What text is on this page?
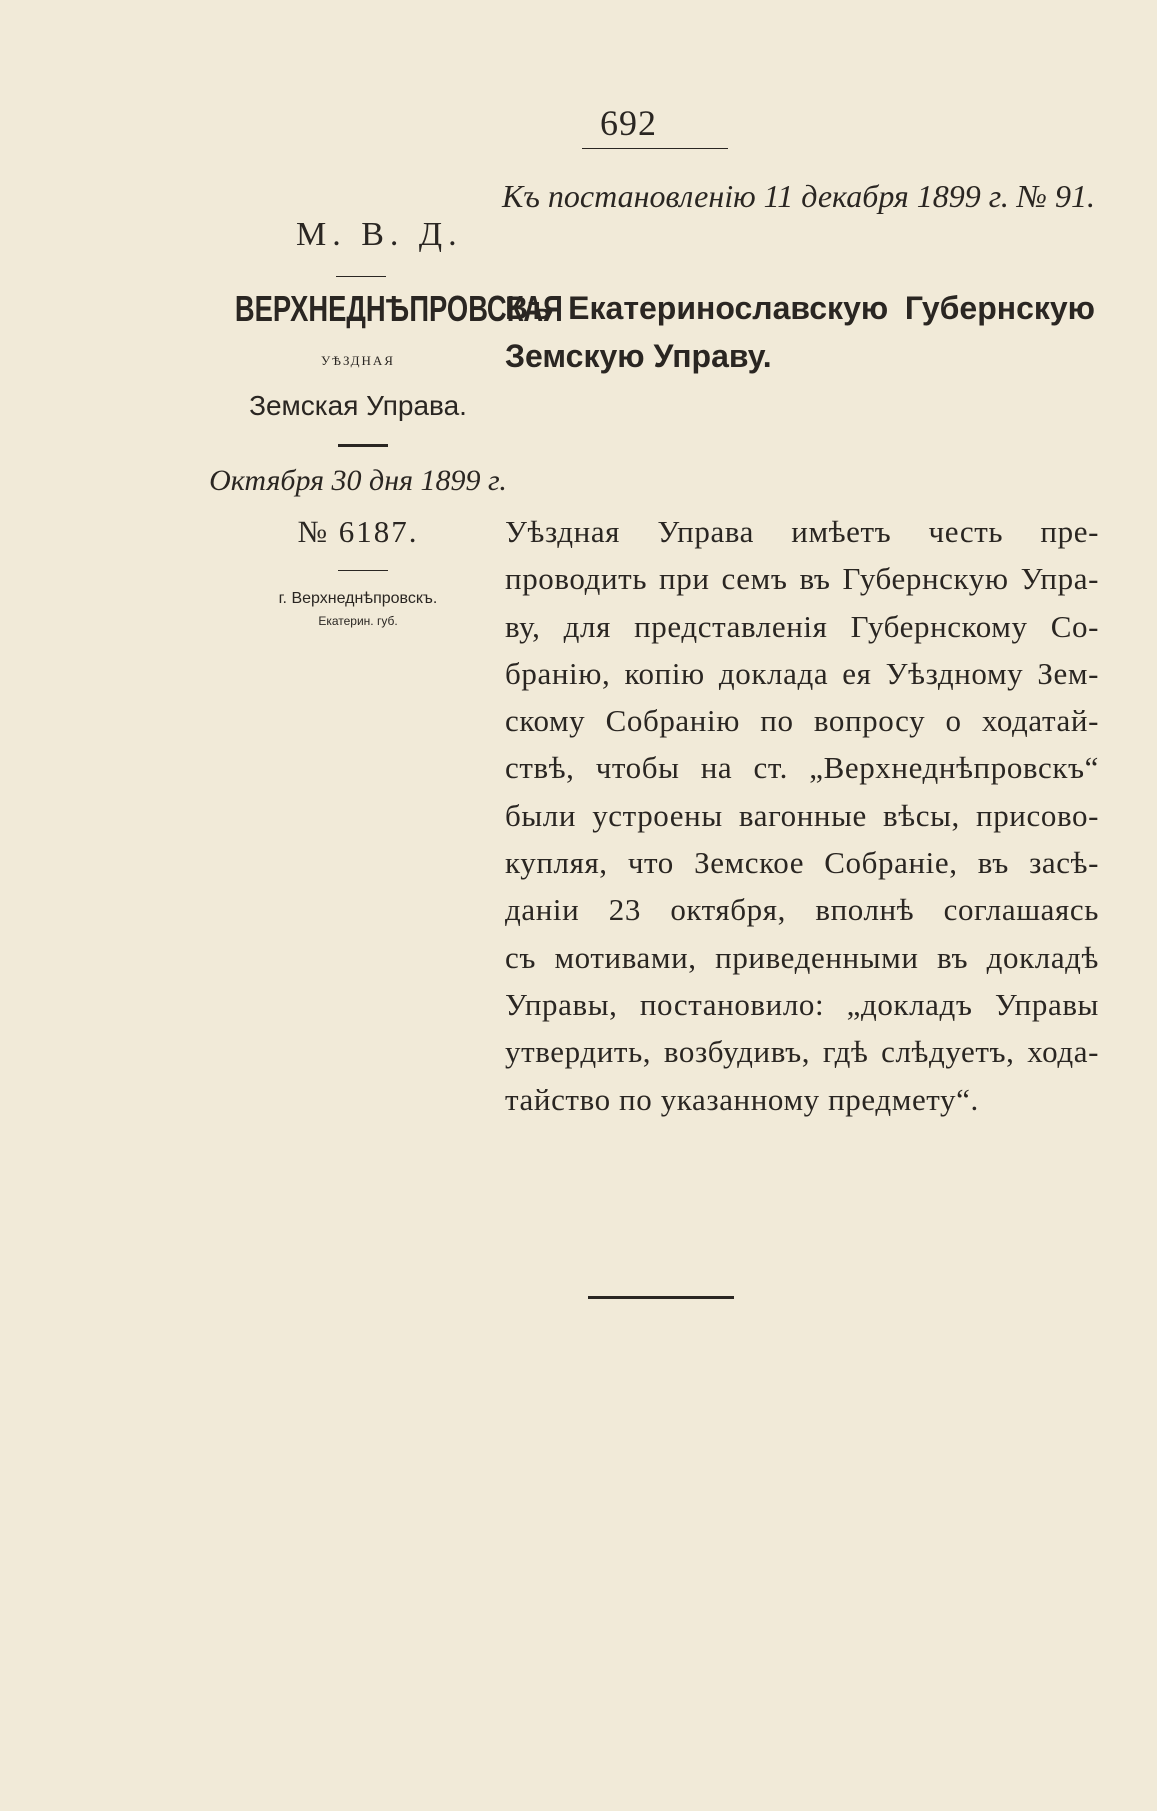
692
Къ постановленію 11 декабря 1899 г. № 91.
М. В. Д.
ВЕРХНЕДНѢПРОВСКАЯ
УѢЗДНАЯ
Земская Управа.
Октября 30 дня 1899 г.
№ 6187.
г. Верхнеднѣпровскъ.
Екатерин. губ.
Въ Екатеринославскую Губернскую Земскую Управу.
Уѣздная Управа имѣетъ честь пре-
проводить при семъ въ Губернскую Упра-
ву, для представленія Губернскому Со-
бранію, копію доклада ея Уѣздному Зем-
скому Собранію по вопросу о ходатай-
ствѣ, чтобы на ст. „Верхнеднѣпровскъ“
были устроены вагонные вѣсы, присово-
купляя, что Земское Собраніе, въ засѣ-
даніи 23 октября, вполнѣ соглашаясь
съ мотивами, приведенными въ докладѣ
Управы, постановило: „докладъ Управы
утвердить, возбудивъ, гдѣ слѣдуетъ, хода-
тайство по указанному предмету“.
